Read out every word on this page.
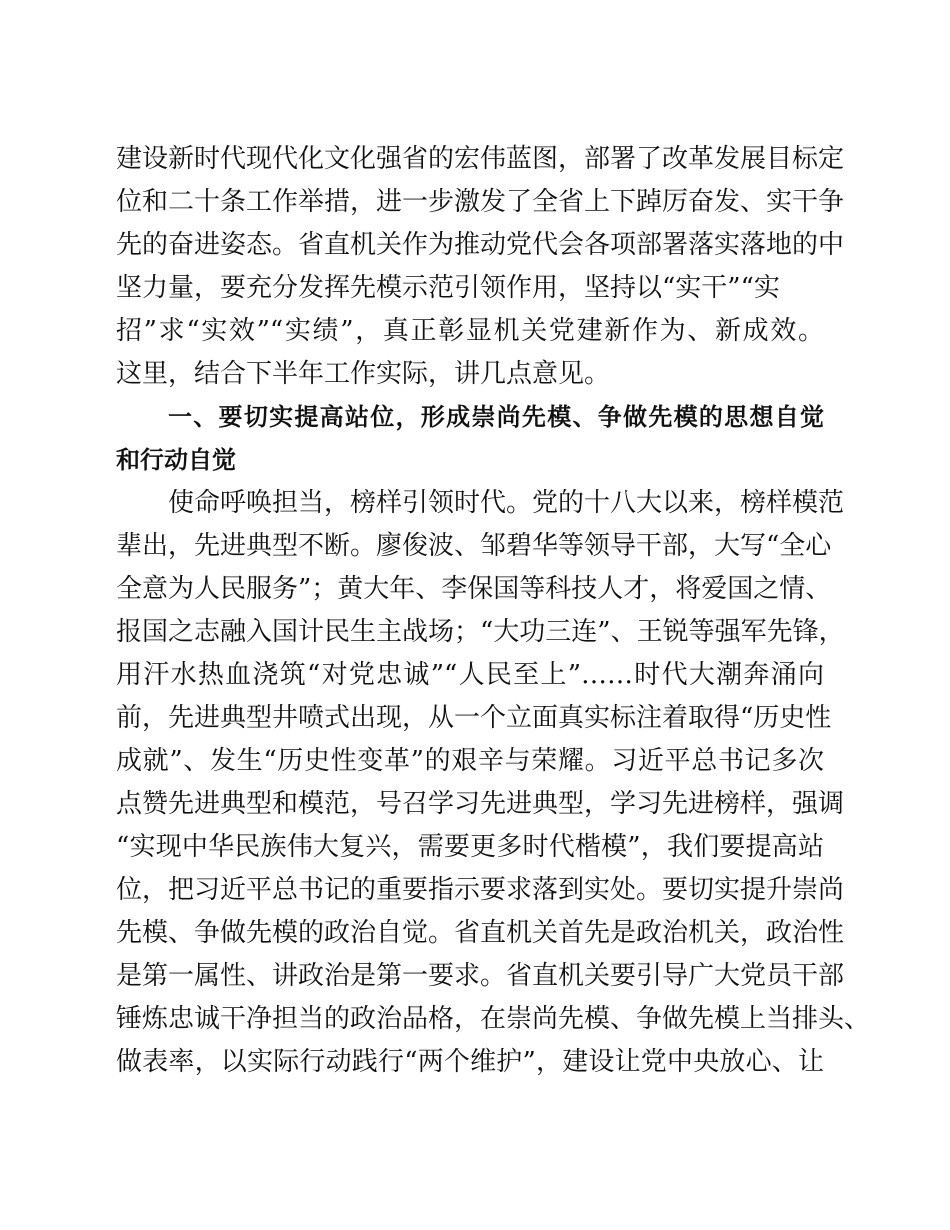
建设新时代现代化文化强省的宏伟蓝图，部署了改革发展目标定
位和二十条工作举措，进一步激发了全省上下踔厉奋发、实干争
先的奋进姿态。省直机关作为推动党代会各项部署落实落地的中
坚力量，要充分发挥先模示范引领作用，坚持以“实干”“实
招”求“实效”“实绩”，真正彰显机关党建新作为、新成效。
这里，结合下半年工作实际，讲几点意见。
一、要切实提高站位，形成崇尚先模、争做先模的思想自觉
和行动自觉
使命呼唤担当，榜样引领时代。党的十八大以来，榜样模范
辈出，先进典型不断。廖俊波、邹碧华等领导干部，大写“全心
全意为人民服务”；黄大年、李保国等科技人才，将爱国之情、
报国之志融入国计民生主战场；“大功三连”、王锐等强军先锋，
用汗水热血浇筑“对党忠诚”“人民至上”……时代大潮奔涌向
前，先进典型井喷式出现，从一个立面真实标注着取得“历史性
成就”、发生“历史性变革”的艰辛与荣耀。习近平总书记多次
点赞先进典型和模范，号召学习先进典型，学习先进榜样，强调
“实现中华民族伟大复兴，需要更多时代楷模”，我们要提高站
位，把习近平总书记的重要指示要求落到实处。要切实提升崇尚
先模、争做先模的政治自觉。省直机关首先是政治机关，政治性
是第一属性、讲政治是第一要求。省直机关要引导广大党员干部
锤炼忠诚干净担当的政治品格，在崇尚先模、争做先模上当排头、
做表率，以实际行动践行“两个维护”，建设让党中央放心、让
